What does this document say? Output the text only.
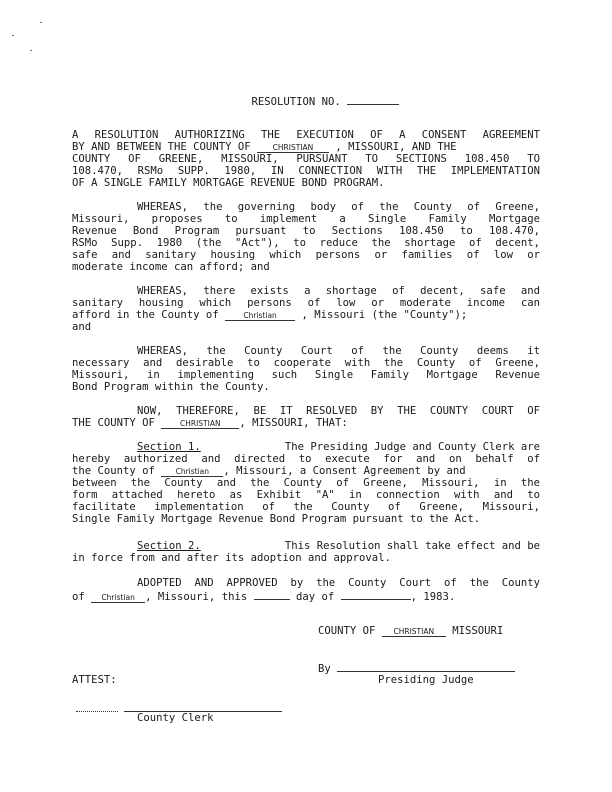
RESOLUTION NO.

A RESOLUTION AUTHORIZING THE EXECUTION OF A CONSENT AGREEMENT
BY AND BETWEEN THE COUNTY OF	CHRISTIAN , MISSOURI, AND THE
COUNTY OF GREENE, MISSOURI, PURSUANT TO SECTIONS 108.450 TO
108.470, RSMo SUPP. 1980, IN CONNECTION WITH THE IMPLEMENTATION
OF A SINGLE FAMILY MORTGAGE REVENUE BOND PROGRAM.
WHEREAS, the governing body of the County of Greene,
Missouri, proposes to implement a Single Family Mortgage
Revenue Bond Program pursuant to Sections 108.450 to 108.470,
RSMo Supp. 1980 (the "Act"), to reduce the shortage of decent,
safe and sanitary housing which persons or families of low or
moderate income can afford; and
WHEREAS, there exists a shortage of decent, safe and
sanitary housing which persons of low or moderate income can
afford in the County of	Christian , Missouri (the "County");
and
WHEREAS, the County Court of the County deems it
necessary and desirable to cooperate with the County of Greene,
Missouri, in implementing such Single Family Mortgage Revenue
Bond Program within the County.
NOW, THEREFORE, BE IT RESOLVED BY THE COUNTY COURT OF
THE COUNTY OF	CHRISTIAN , MISSOURI, THAT:
Section 1.	The Presiding Judge and County Clerk are
hereby authorized and directed to execute for and on behalf of
the County of	Christian , Missouri, a Consent Agreement by and
between the County and the County of Greene, Missouri, in the
form attached hereto as Exhibit "A" in connection with and to
facilitate implementation of the County of Greene, Missouri,
Single Family Mortgage Revenue Bond Program pursuant to the Act.
Section 2.	This Resolution shall take effect and be
in force from and after its adoption and approval.
ADOPTED AND APPROVED by the County Court of the County
of Christian , Missouri, this	day of	, 1983.
COUNTY OF CHRISTIAN MISSOURI
By
Presiding Judge
ATTEST:

County Clerk
